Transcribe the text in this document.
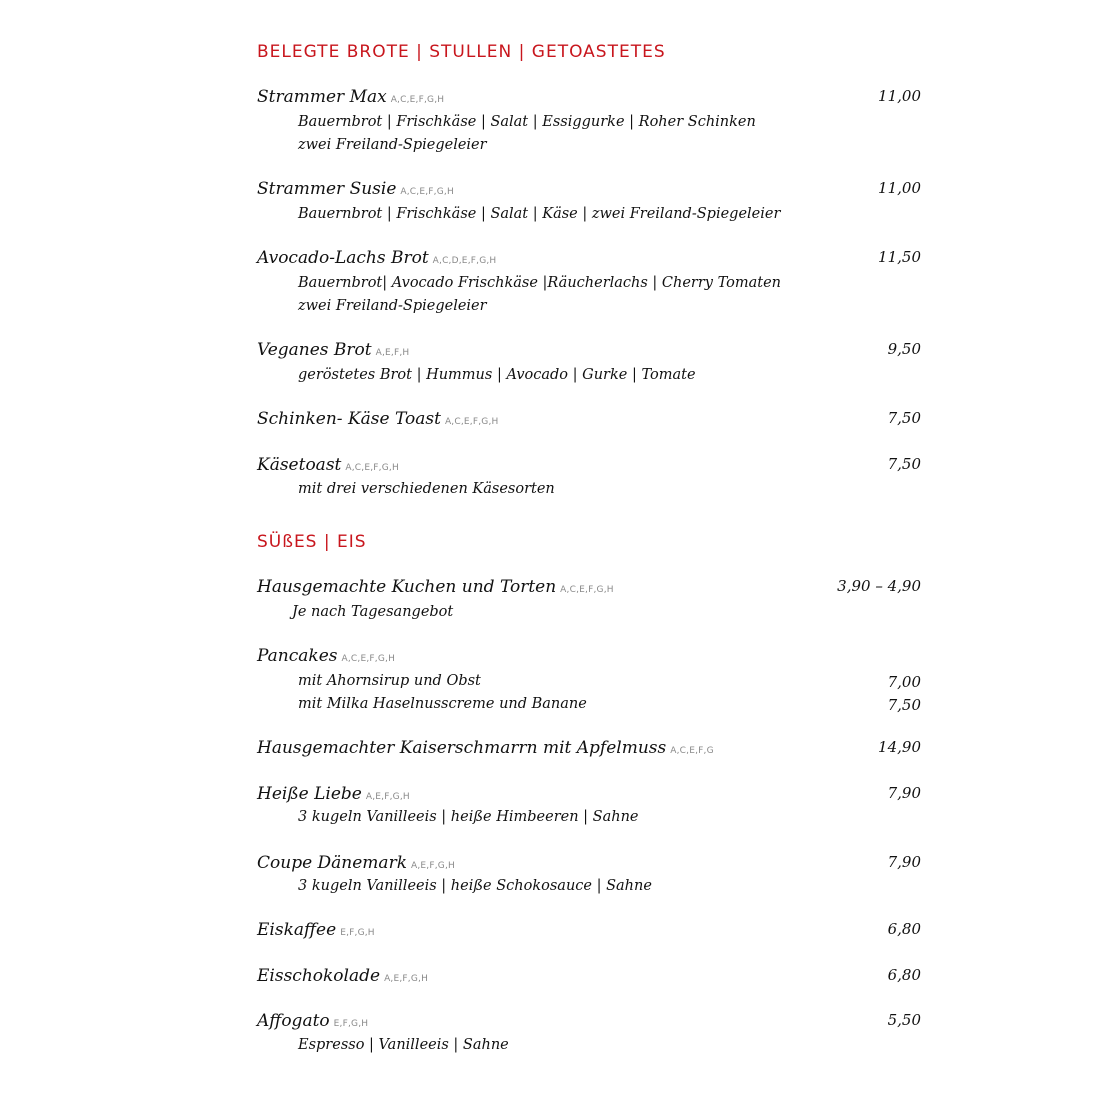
BELEGTE BROTE | STULLEN | GETOASTETES
Strammer Max A,C,E,F,G,H	11,00
Bauernbrot | Frischkäse | Salat | Essiggurke | Roher Schinken
zwei Freiland-Spiegeleier
Strammer Susie A,C,E,F,G,H	11,00
Bauernbrot | Frischkäse | Salat | Käse | zwei Freiland-Spiegeleier
Avocado-Lachs Brot A,C,D,E,F,G,H	11,50
Bauernbrot| Avocado Frischkäse |Räucherlachs | Cherry Tomaten
zwei Freiland-Spiegeleier
Veganes Brot A,E,F,H	9,50
geröstetes Brot | Hummus | Avocado | Gurke | Tomate
Schinken- Käse Toast A,C,E,F,G,H	7,50
Käsetoast A,C,E,F,G,H	7,50
mit drei verschiedenen Käsesorten
SÜßES | EIS
Hausgemachte Kuchen und Torten A,C,E,F,G,H	3,90 – 4,90
Je nach Tagesangebot
Pancakes A,C,E,F,G,H
mit Ahornsirup und Obst	7,00
mit Milka Haselnusscreme und Banane	7,50
Hausgemachter Kaiserschmarrn mit Apfelmuss A,C,E,F,G	14,90
Heiße Liebe A,E,F,G,H	7,90
3 kugeln Vanilleeis | heiße Himbeeren | Sahne
Coupe Dänemark A,E,F,G,H	7,90
3 kugeln Vanilleeis | heiße Schokosauce | Sahne
Eiskaffee E,F,G,H	6,80
Eisschokolade A,E,F,G,H	6,80
Affogato E,F,G,H	5,50
Espresso | Vanilleeis | Sahne
